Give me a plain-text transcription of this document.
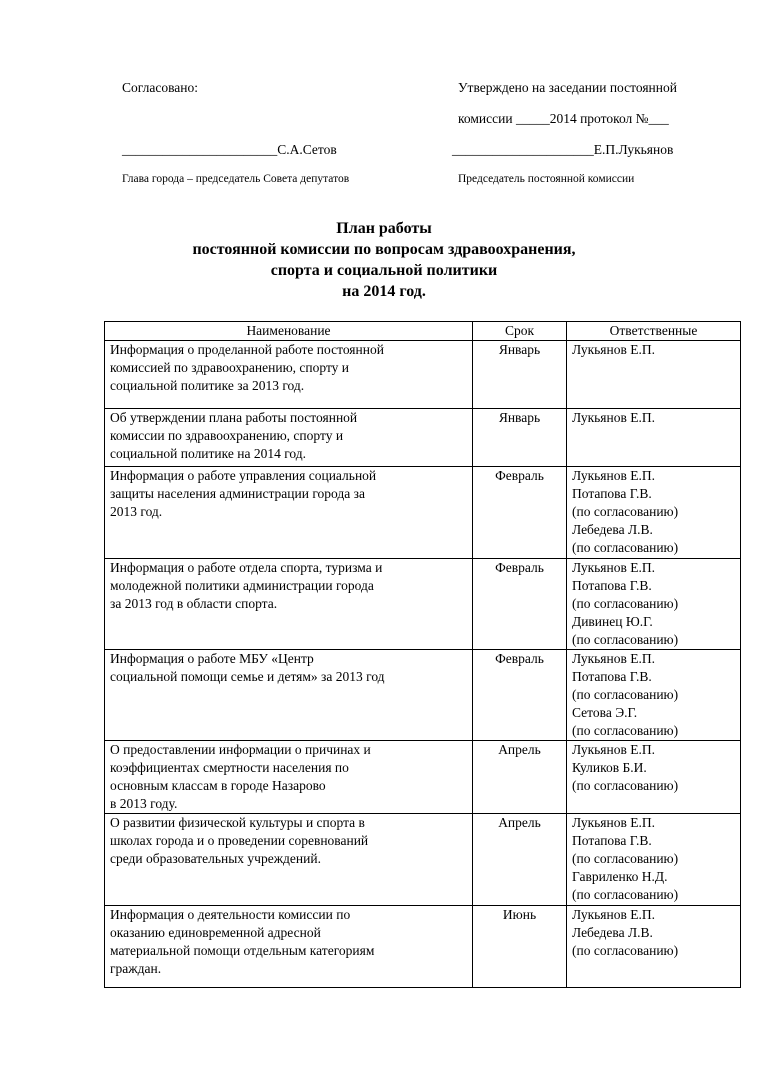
Согласовано:	Утверждено на заседании постоянной
комиссии _____2014 протокол №___
_______________________С.А.Сетов	_____________________Е.П.Лукьянов
Глава города – председатель Совета депутатов	Председатель постоянной комиссии
План работы
постоянной комиссии по вопросам здравоохранения,
спорта и социальной политики
на 2014 год.
Наименование	Срок	Ответственные

Информация о проделанной работе постоянной
комиссией по здравоохранению, спорту и
социальной политике за 2013 год.	Январь	Лукьянов Е.П.

Об утверждении плана работы постоянной
комиссии по здравоохранению, спорту и
социальной политике на 2014 год.	Январь	Лукьянов Е.П.

Информация о работе управления социальной
защиты населения администрации города за
2013 год.	Февраль	Лукьянов Е.П.
Потапова Г.В.
(по согласованию)
Лебедева Л.В.
(по согласованию)

Информация о работе отдела спорта, туризма и
молодежной политики администрации города
за 2013 год в области спорта.	Февраль	Лукьянов Е.П.
Потапова Г.В.
(по согласованию)
Дивинец Ю.Г.
(по согласованию)

Информация о работе МБУ «Центр
социальной помощи семье и детям» за 2013 год	Февраль	Лукьянов Е.П.
Потапова Г.В.
(по согласованию)
Сетова Э.Г.
(по согласованию)

О предоставлении информации о причинах и
коэффициентах смертности населения по
основным классам в городе Назарово
в 2013 году.	Апрель	Лукьянов Е.П.
Куликов Б.И.
(по согласованию)

О развитии физической культуры и спорта в
школах города и о проведении соревнований
среди образовательных учреждений.	Апрель	Лукьянов Е.П.
Потапова Г.В.
(по согласованию)
Гавриленко Н.Д.
(по согласованию)

Информация о деятельности комиссии по
оказанию единовременной адресной
материальной помощи отдельным категориям
граждан.	Июнь	Лукьянов Е.П.
Лебедева Л.В.
(по согласованию)
